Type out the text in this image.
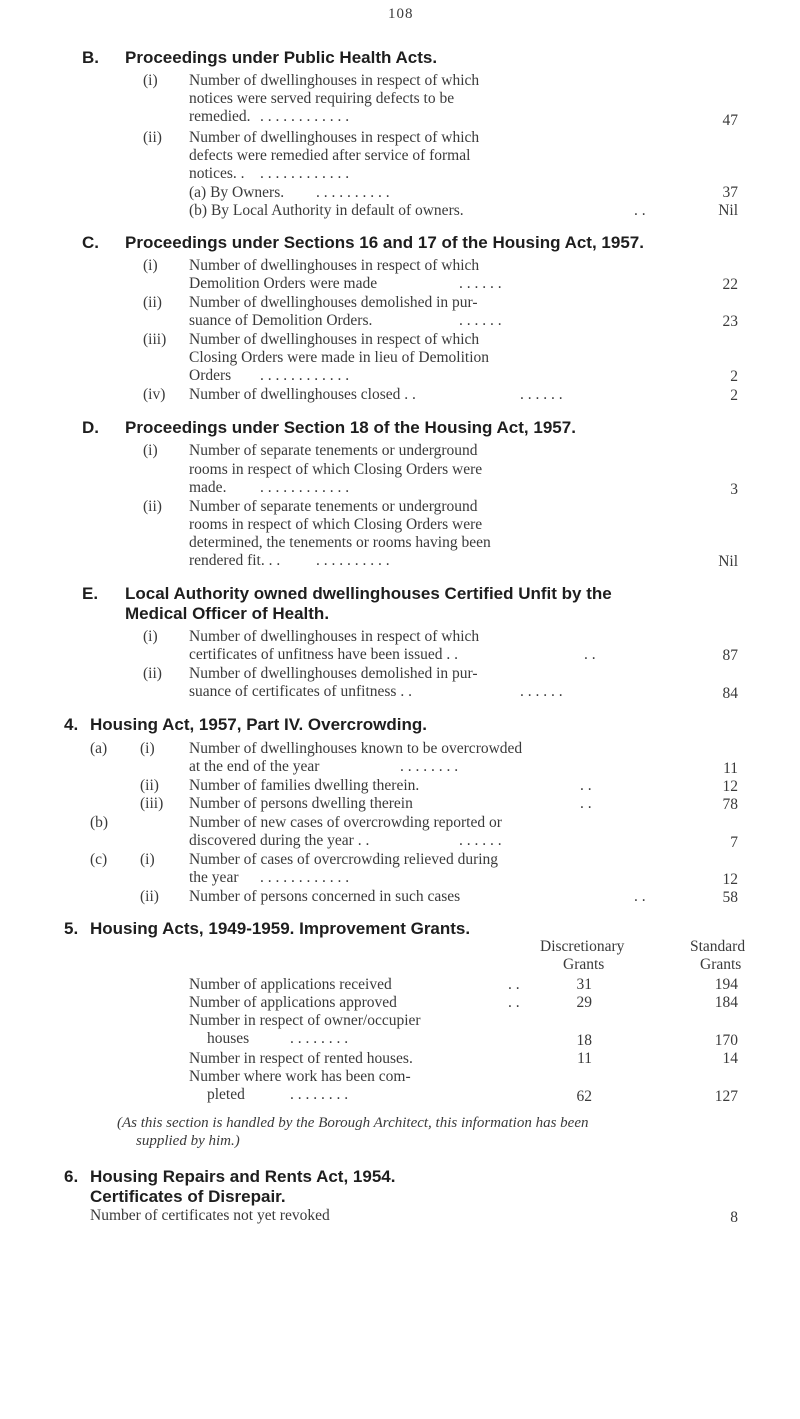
108
B. Proceedings under Public Health Acts.
(i) Number of dwellinghouses in respect of which
notices were served requiring defects to be
remedied. . . . . . . . . . . . .	47
(ii) Number of dwellinghouses in respect of which
defects were remedied after service of formal
notices. . . . . . . . . . . . . .
(a) By Owners. . . . . . . . . . .	37
(b) By Local Authority in default of owners.	. .	Nil
C. Proceedings under Sections 16 and 17 of the Housing Act, 1957.
(i) Number of dwellinghouses in respect of which
Demolition Orders were made	. . . . . .	22
(ii) Number of dwellinghouses demolished in pur-
suance of Demolition Orders.	. . . . . .	23
(iii) Number of dwellinghouses in respect of which
Closing Orders were made in lieu of Demolition
Orders . . . . . . . . . . . .	2
(iv) Number of dwellinghouses closed . .	. . . . . .	2
D. Proceedings under Section 18 of the Housing Act, 1957.
(i) Number of separate tenements or underground
rooms in respect of which Closing Orders were
made. . . . . . . . . . . . .	3
(ii) Number of separate tenements or underground
rooms in respect of which Closing Orders were
determined, the tenements or rooms having been
rendered fit. . . . . . . . . . . . .	Nil
E. Local Authority owned dwellinghouses Certified Unfit by the
Medical Officer of Health.
(i) Number of dwellinghouses in respect of which
certificates of unfitness have been issued . .	. .	87
(ii) Number of dwellinghouses demolished in pur-
suance of certificates of unfitness . .	. . . . . .	84
4. Housing Act, 1957, Part IV. Overcrowding.
(a) (i) Number of dwellinghouses known to be overcrowded
at the end of the year	. . . . . . . .	11
(ii) Number of families dwelling therein.	. .	12
(iii) Number of persons dwelling therein	. .	78
(b)	Number of new cases of overcrowding reported or
discovered during the year . .	. . . . . .	7
(c) (i) Number of cases of overcrowding relieved during
the year . . . . . . . . . . . .	12
(ii) Number of persons concerned in such cases	. .	58
5. Housing Acts, 1949-1959. Improvement Grants.
Discretionary
Grants
Standard
Grants
Number of applications received	. .	31	194
Number of applications approved	. .	29	184
Number in respect of owner/occupier
houses	. . . . . . . .	18	170
Number in respect of rented houses.	11	14
Number where work has been com-
pleted	. . . . . . . .	62	127
(As this section is handled by the Borough Architect, this information has been
supplied by him.)
6. Housing Repairs and Rents Act, 1954.
Certificates of Disrepair.
Number of certificates not yet revoked	8
